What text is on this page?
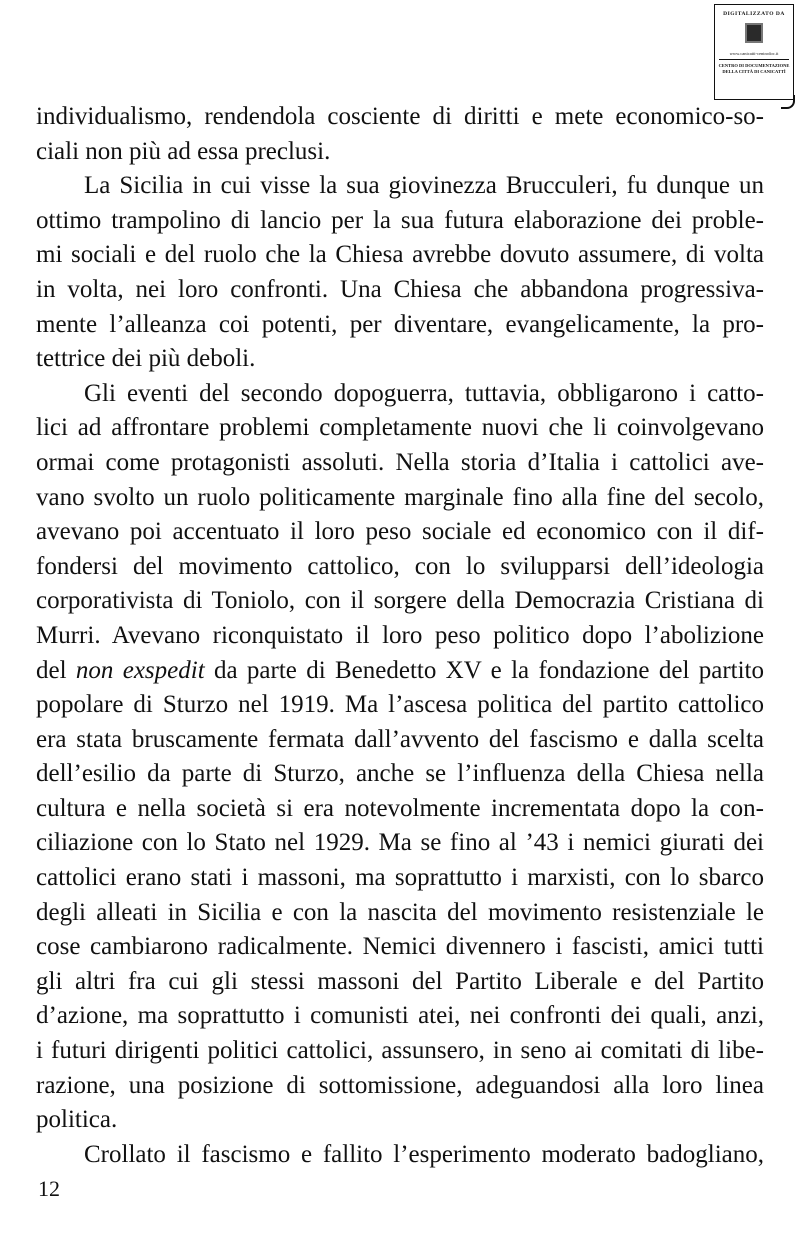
DIGITALIZZATO DA
www.canicatti-centrodoc.it
CENTRO DI DOCUMENTAZIONE
DELLA CITTÀ DI CANICATTÌ

individualismo, rendendola cosciente di diritti e mete economico-so-
ciali non più ad essa preclusi.

La Sicilia in cui visse la sua giovinezza Brucculeri, fu dunque un
ottimo trampolino di lancio per la sua futura elaborazione dei proble-
mi sociali e del ruolo che la Chiesa avrebbe dovuto assumere, di volta
in volta, nei loro confronti. Una Chiesa che abbandona progressiva-
mente l’alleanza coi potenti, per diventare, evangelicamente, la pro-
tettrice dei più deboli.

Gli eventi del secondo dopoguerra, tuttavia, obbligarono i catto-
lici ad affrontare problemi completamente nuovi che li coinvolgevano
ormai come protagonisti assoluti. Nella storia d’Italia i cattolici ave-
vano svolto un ruolo politicamente marginale fino alla fine del secolo,
avevano poi accentuato il loro peso sociale ed economico con il dif-
fondersi del movimento cattolico, con lo svilupparsi dell’ideologia
corporativista di Toniolo, con il sorgere della Democrazia Cristiana di
Murri. Avevano riconquistato il loro peso politico dopo l’abolizione
del non exspedit da parte di Benedetto XV e la fondazione del partito
popolare di Sturzo nel 1919. Ma l’ascesa politica del partito cattolico
era stata bruscamente fermata dall’avvento del fascismo e dalla scelta
dell’esilio da parte di Sturzo, anche se l’influenza della Chiesa nella
cultura e nella società si era notevolmente incrementata dopo la con-
ciliazione con lo Stato nel 1929. Ma se fino al ’43 i nemici giurati dei
cattolici erano stati i massoni, ma soprattutto i marxisti, con lo sbarco
degli alleati in Sicilia e con la nascita del movimento resistenziale le
cose cambiarono radicalmente. Nemici divennero i fascisti, amici tutti
gli altri fra cui gli stessi massoni del Partito Liberale e del Partito
d’azione, ma soprattutto i comunisti atei, nei confronti dei quali, anzi,
i futuri dirigenti politici cattolici, assunsero, in seno ai comitati di libe-
razione, una posizione di sottomissione, adeguandosi alla loro linea
politica.

Crollato il fascismo e fallito l’esperimento moderato badogliano,

12
